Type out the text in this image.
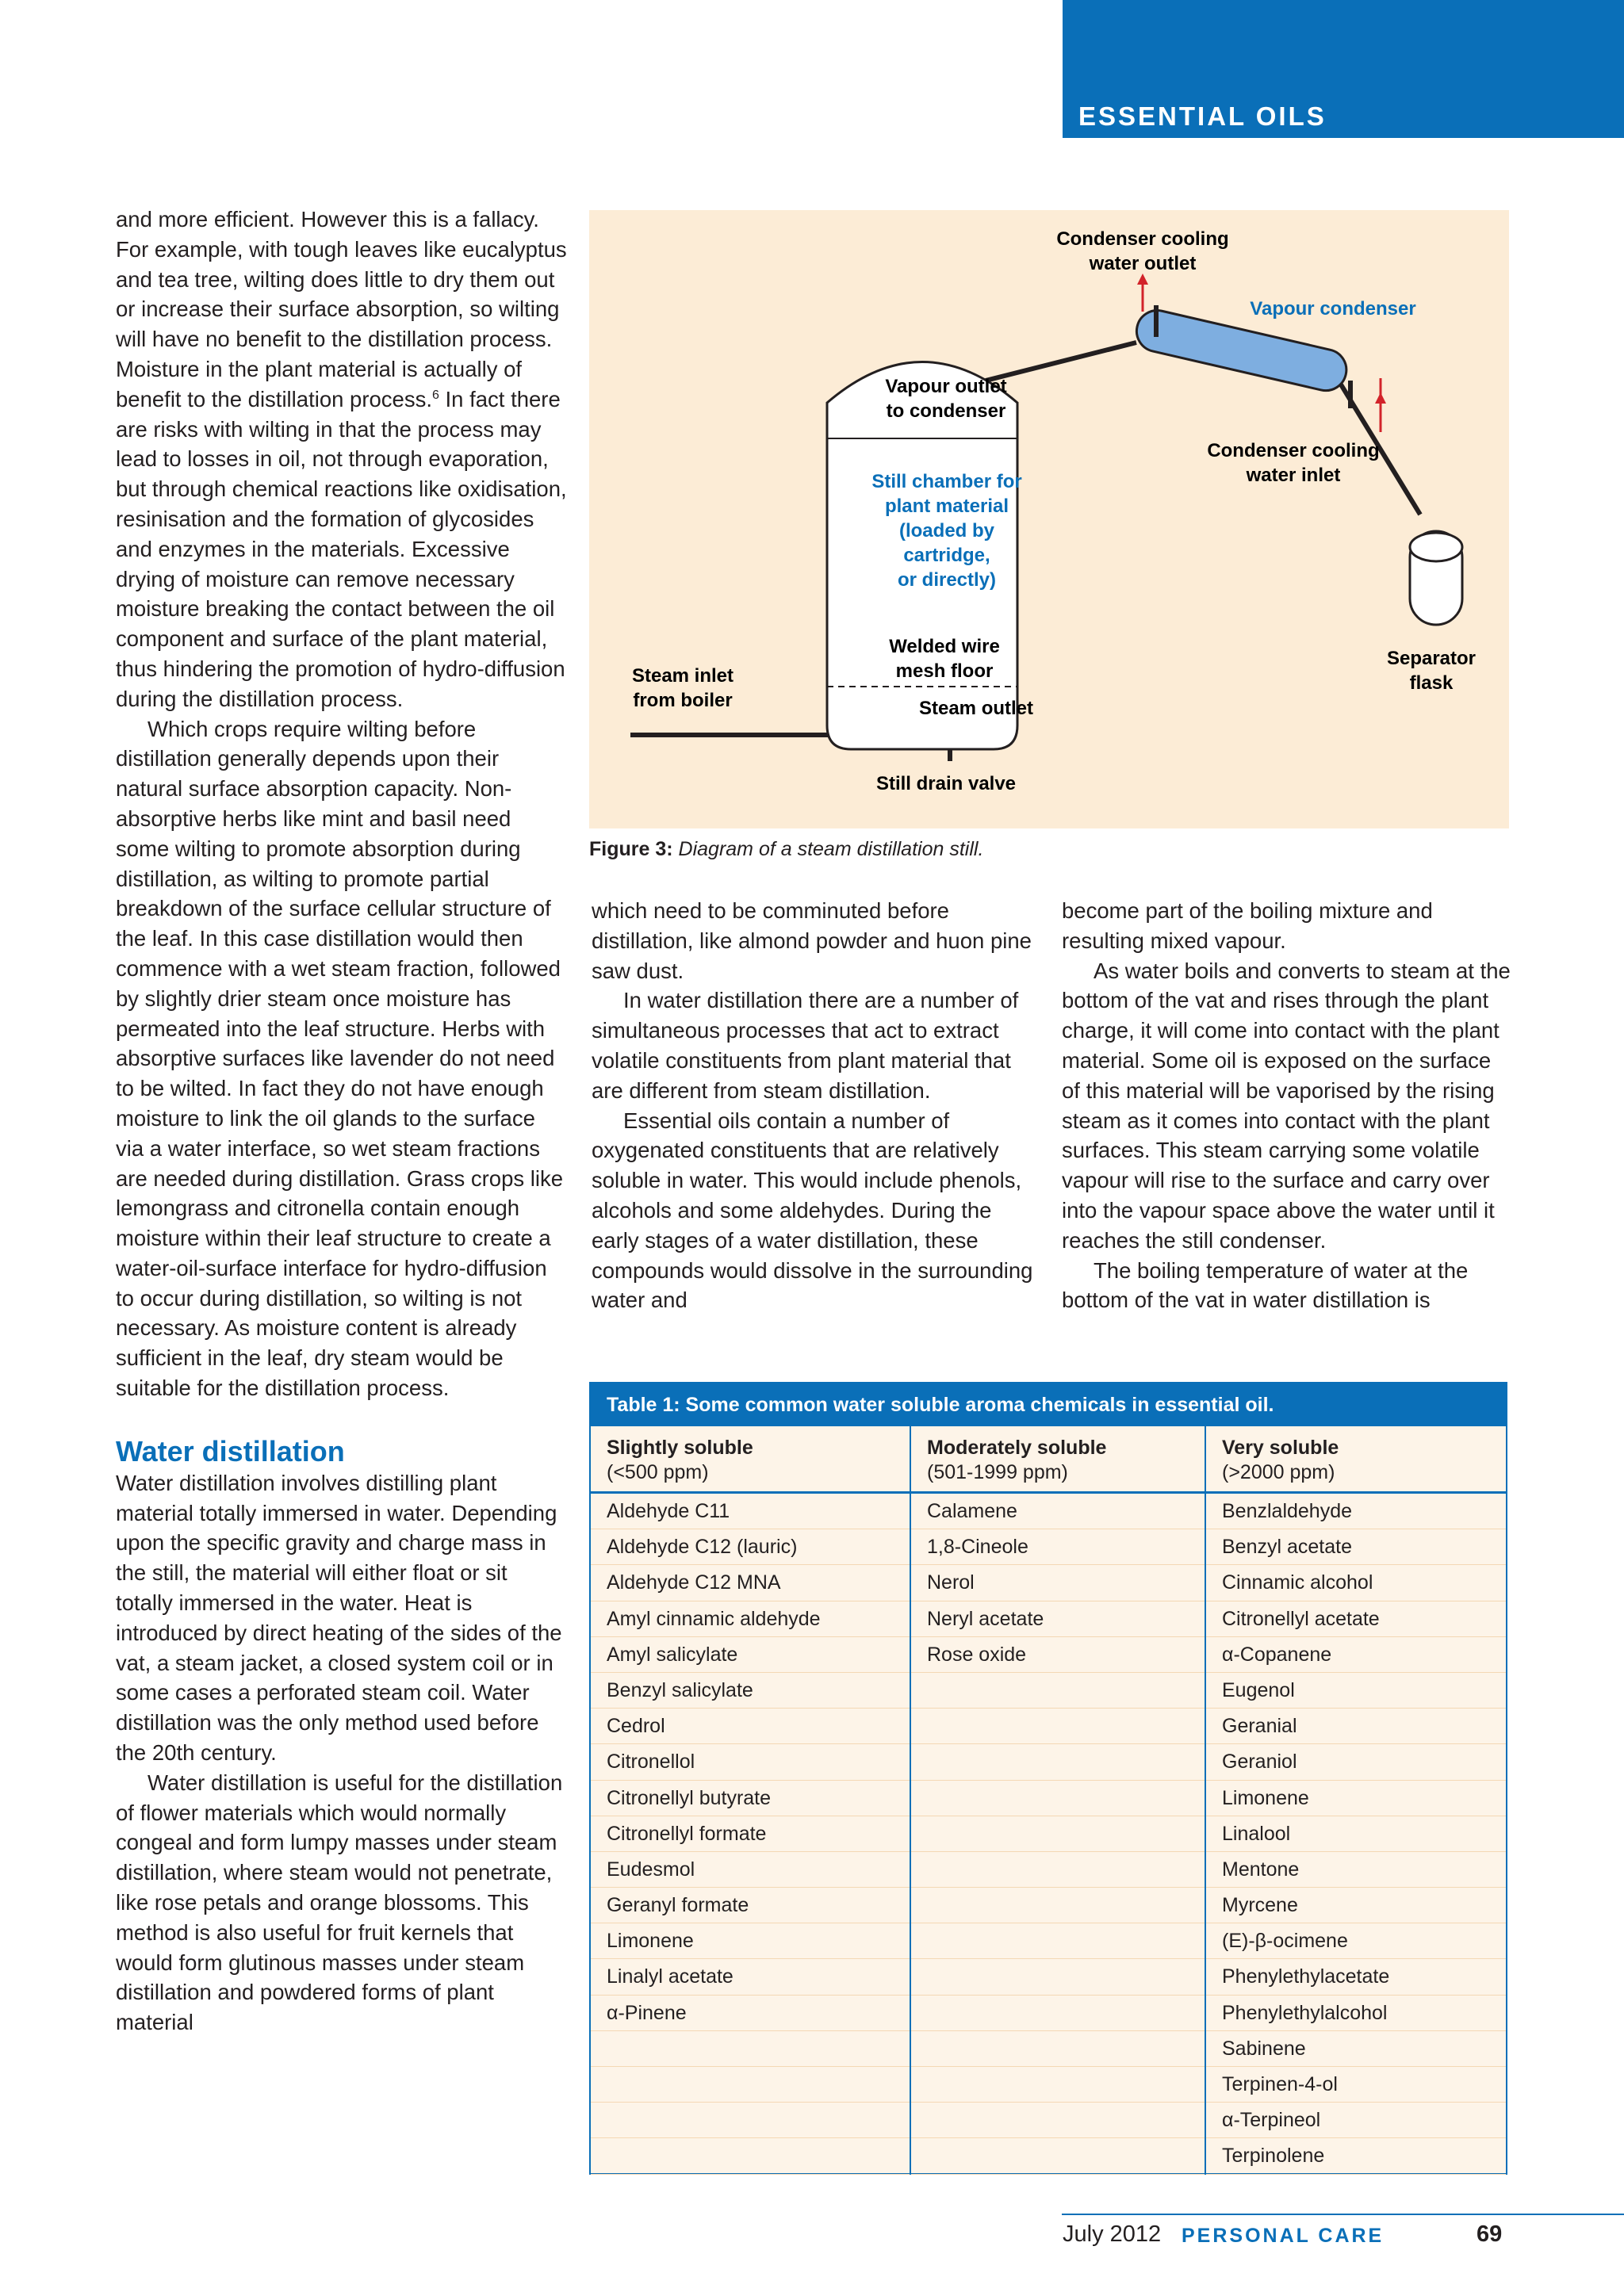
ESSENTIAL OILS

and more efficient. However this is a fallacy. For example, with tough leaves like eucalyptus and tea tree, wilting does little to dry them out or increase their surface absorption, so wilting will have no benefit to the distillation process. Moisture in the plant material is actually of benefit to the distillation process.$^6$ In fact there are risks with wilting in that the process may lead to losses in oil, not through evaporation, but through chemical reactions like oxidisation, resinisation and the formation of glycosides and enzymes in the materials. Excessive drying of moisture can remove necessary moisture breaking the contact between the oil component and surface of the plant material, thus hindering the promotion of hydro-diffusion during the distillation process.

Which crops require wilting before distillation generally depends upon their natural surface absorption capacity. Non-absorptive herbs like mint and basil need some wilting to promote absorption during distillation, as wilting to promote partial breakdown of the surface cellular structure of the leaf. In this case distillation would then commence with a wet steam fraction, followed by slightly drier steam once moisture has permeated into the leaf structure. Herbs with absorptive surfaces like lavender do not need to be wilted. In fact they do not have enough moisture to link the oil glands to the surface via a water interface, so wet steam fractions are needed during distillation. Grass crops like lemongrass and citronella contain enough moisture within their leaf structure to create a water-oil-surface interface for hydro-diffusion to occur during distillation, so wilting is not necessary. As moisture content is already sufficient in the leaf, dry steam would be suitable for the distillation process.

Water distillation

Water distillation involves distilling plant material totally immersed in water. Depending upon the specific gravity and charge mass in the still, the material will either float or sit totally immersed in the water. Heat is introduced by direct heating of the sides of the vat, a steam jacket, a closed system coil or in some cases a perforated steam coil. Water distillation was the only method used before the 20th century.

Water distillation is useful for the distillation of flower materials which would normally congeal and form lumpy masses under steam distillation, where steam would not penetrate, like rose petals and orange blossoms. This method is also useful for fruit kernels that would form glutinous masses under steam distillation and powdered forms of plant material

Condenser cooling
water outlet
Vapour condenser
Vapour outlet
to condenser
Condenser cooling
water inlet
Still chamber for
plant material
(loaded by
cartridge,
or directly)
Welded wire
mesh floor
Steam inlet
from boiler	Steam outlet
Separator
flask
Still drain valve
Figure 3: Diagram of a steam distillation still.

which need to be comminuted before distillation, like almond powder and huon pine saw dust.

In water distillation there are a number of simultaneous processes that act to extract volatile constituents from plant material that are different from steam distillation.

Essential oils contain a number of oxygenated constituents that are relatively soluble in water. This would include phenols, alcohols and some aldehydes. During the early stages of a water distillation, these compounds would dissolve in the surrounding water and

become part of the boiling mixture and resulting mixed vapour.

As water boils and converts to steam at the bottom of the vat and rises through the plant charge, it will come into contact with the plant material. Some oil is exposed on the surface of this material will be vaporised by the rising steam as it comes into contact with the plant surfaces. This steam carrying some volatile vapour will rise to the surface and carry over into the vapour space above the water until it reaches the still condenser.

The boiling temperature of water at the bottom of the vat in water distillation is

Table 1: Some common water soluble aroma chemicals in essential oil.
Slightly soluble
(<500 ppm)
Moderately soluble
(501-1999 ppm)
Very soluble
(>2000 ppm)
Aldehyde C11
Aldehyde C12 (lauric)
Aldehyde C12 MNA
Amyl cinnamic aldehyde
Amyl salicylate
Benzyl salicylate
Cedrol
Citronellol
Citronellyl butyrate
Citronellyl formate
Eudesmol
Geranyl formate
Limonene
Linalyl acetate
α-Pinene
Calamene
1,8-Cineole
Nerol
Neryl acetate
Rose oxide
Benzlaldehyde
Benzyl acetate
Cinnamic alcohol
Citronellyl acetate
α-Copanene
Eugenol
Geranial
Geraniol
Limonene
Linalool
Mentone
Myrcene
(E)-β-ocimene
Phenylethylacetate
Phenylethylalcohol
Sabinene
Terpinen-4-ol
α-Terpineol
Terpinolene
July 2012 PERSONAL CARE	69
